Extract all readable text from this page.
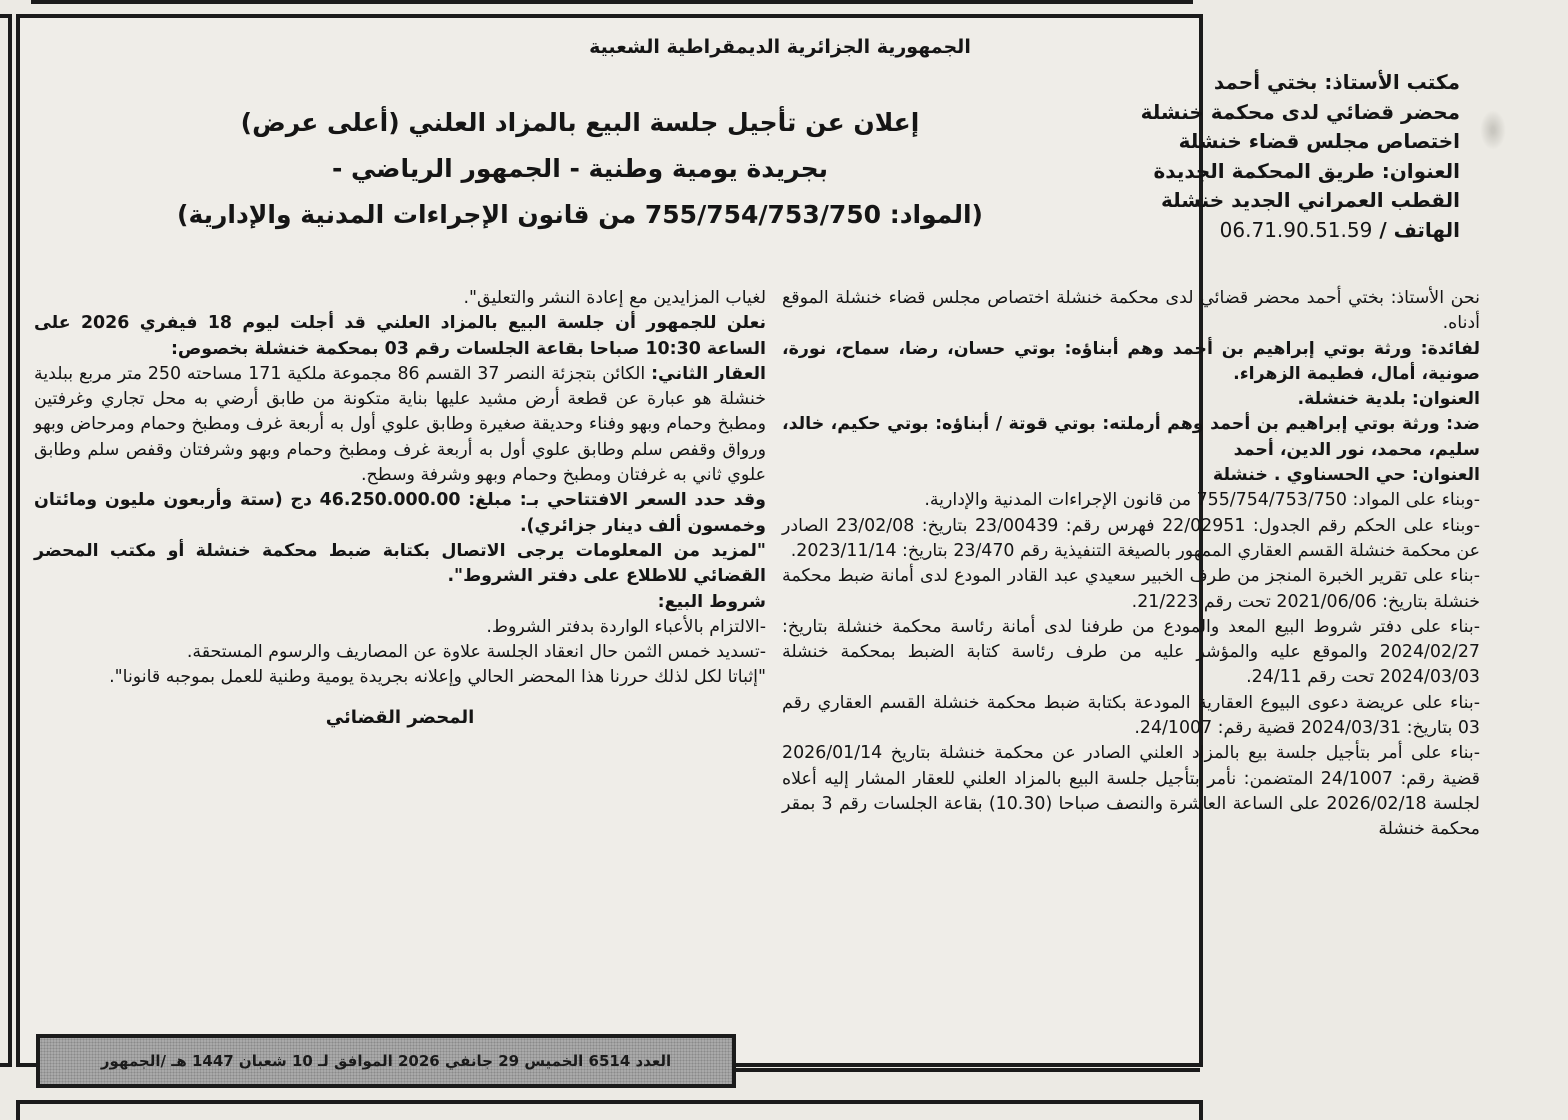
الجمهورية الجزائرية الديمقراطية الشعبية
مكتب الأستاذ: بختي أحمد
محضر قضائي لدى محكمة خنشلة
اختصاص مجلس قضاء خنشلة
العنوان: طريق المحكمة الجديدة
القطب العمراني الجديد خنشلة
الهاتف / 06.71.90.51.59
إعلان عن تأجيل جلسة البيع بالمزاد العلني (أعلى عرض)
بجريدة يومية وطنية - الجمهور الرياضي -
(المواد: 755/754/753/750 من قانون الإجراءات المدنية والإدارية)

نحن الأستاذ: بختي أحمد محضر قضائي لدى محكمة خنشلة اختصاص مجلس قضاء خنشلة الموقع أدناه.

لفائدة: ورثة بوتي إبراهيم بن أحمد وهم أبناؤه: بوتي حسان، رضا، سماح، نورة، صونية، أمال، فطيمة الزهراء.

العنوان: بلدية خنشلة.

ضد: ورثة بوتي إبراهيم بن أحمد وهم أرملته: بوتي قوتة / أبناؤه: بوتي حكيم، خالد، سليم، محمد، نور الدين، أحمد

العنوان: حي الحسناوي . خنشلة

-وبناء على المواد: 755/754/753/750 من قانون الإجراءات المدنية والإدارية.

-وبناء على الحكم رقم الجدول: 22/02951 فهرس رقم: 23/00439 بتاريخ: 23/02/08 الصادر عن محكمة خنشلة القسم العقاري الممهور بالصيغة التنفيذية رقم 23/470 بتاريخ: 2023/11/14.

-بناء على تقرير الخبرة المنجز من طرف الخبير سعيدي عبد القادر المودع لدى أمانة ضبط محكمة خنشلة بتاريخ: 2021/06/06 تحت رقم 21/223.

-بناء على دفتر شروط البيع المعد والمودع من طرفنا لدى أمانة رئاسة محكمة خنشلة بتاريخ: 2024/02/27 والموقع عليه والمؤشر عليه من طرف رئاسة كتابة الضبط بمحكمة خنشلة 2024/03/03 تحت رقم 24/11.

-بناء على عريضة دعوى البيوع العقارية المودعة بكتابة ضبط محكمة خنشلة القسم العقاري رقم 03 بتاريخ: 2024/03/31 قضية رقم: 24/1007.

-بناء على أمر بتأجيل جلسة بيع بالمزاد العلني الصادر عن محكمة خنشلة بتاريخ 2026/01/14 قضية رقم: 24/1007 المتضمن: نأمر بتأجيل جلسة البيع بالمزاد العلني للعقار المشار إليه أعلاه لجلسة 2026/02/18 على الساعة العاشرة والنصف صباحا (10.30) بقاعة الجلسات رقم 3 بمقر محكمة خنشلة

لغياب المزايدين مع إعادة النشر والتعليق".

نعلن للجمهور أن جلسة البيع بالمزاد العلني قد أجلت ليوم 18 فيفري 2026 على الساعة 10:30 صباحا بقاعة الجلسات رقم 03 بمحكمة خنشلة بخصوص:

العقار الثاني: الكائن بتجزئة النصر 37 القسم 86 مجموعة ملكية 171 مساحته 250 متر مربع ببلدية خنشلة هو عبارة عن قطعة أرض مشيد عليها بناية متكونة من طابق أرضي به محل تجاري وغرفتين ومطبخ وحمام وبهو وفناء وحديقة صغيرة وطابق علوي أول به أربعة غرف ومطبخ وحمام ومرحاض وبهو ورواق وقفص سلم وطابق علوي أول به أربعة غرف ومطبخ وحمام وبهو وشرفتان وقفص سلم وطابق علوي ثاني به غرفتان ومطبخ وحمام وبهو وشرفة وسطح.

وقد حدد السعر الافتتاحي بـ: مبلغ: 46.250.000.00 دج (ستة وأربعون مليون ومائتان وخمسون ألف دينار جزائري).

"لمزيد من المعلومات يرجى الاتصال بكتابة ضبط محكمة خنشلة أو مكتب المحضر القضائي للاطلاع على دفتر الشروط".

شروط البيع:

-الالتزام بالأعباء الواردة بدفتر الشروط.

-تسديد خمس الثمن حال انعقاد الجلسة علاوة عن المصاريف والرسوم المستحقة.

"إثباتا لكل لذلك حررنا هذا المحضر الحالي وإعلانه بجريدة يومية وطنية للعمل بموجبه قانونا".

المحضر القضائي
العدد 6514 الخميس 29 جانفي 2026 الموافق لـ 10 شعبان 1447 هـ /الجمهور
